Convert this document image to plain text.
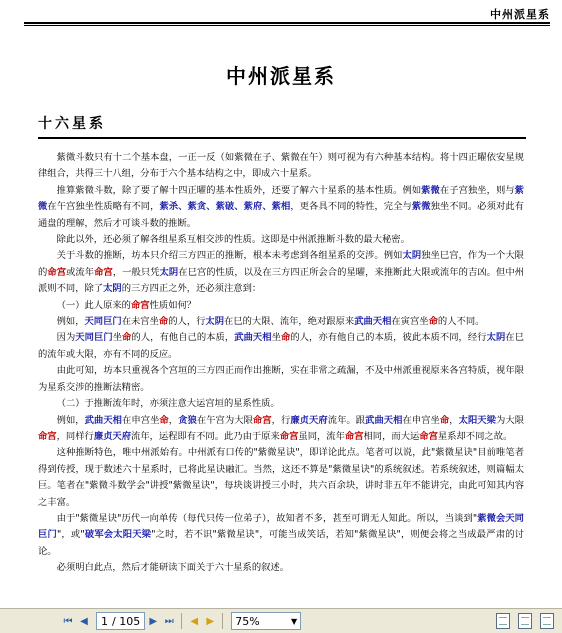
中州派星系
中州派星系
十六星系

紫微斗数只有十二个基本盘，一正一反（如紫微在子、紫微在午）则可视为有六种基本结构。将十四正曜依安星规律组合，共得三十八组，分布于六个基本结构之中，即成六十星系。

推算紫微斗数，除了要了解十四正曜的基本性质外，还要了解六十星系的基本性质。例如紫微在子宫独坐，则与紫微在午宫独坐性质略有不同，紫杀、紫贪、紫破、紫府、紫相，更各具不同的特性，完全与紫微独坐不同。必须对此有通盘的理解，然后才可谈斗数的推断。

除此以外，还必须了解各组星系互相交涉的性质。这即是中州派推断斗数的最大秘密。

关于斗数的推断，坊本只介绍三方四正的推断，根本未考虑到各组星系的交涉。例如太阴独坐巳宫，作为一个大限的命宫或流年命宫，一般只凭太阴在巳宫的性质，以及在三方四正所会合的星曜，来推断此大限或流年的吉凶。但中州派则不同，除了太阴的三方四正之外，还必须注意到：

（一）此人原来的命宫性质如何？

例如，天同巨门在未宫坐命的人，行太阴在巳的大限、流年，绝对跟原来武曲天相在寅宫坐命的人不同。

因为天同巨门坐命的人，有他自己的本质，武曲天相坐命的人，亦有他自己的本质，彼此本质不同，经行太阴在巳的流年或大限，亦有不同的反应。

由此可知，坊本只重视各个宫垣的三方四正而作出推断，实在非常之疏漏，不及中州派重视原来各宫特质，视年限为星系交涉的推断法精密。

（二）于推断流年时，亦须注意大运宫垣的星系性质。

例如，武曲天相在申宫坐命，贪狼在午宫为大限命宫，行廉贞天府流年。跟武曲天相在申宫坐命，太阳天梁为大限命宫，同样行廉贞天府流年，运程即有不同。此乃由于原来命宫虽同，流年命宫相同，而大运命宫星系却不同之故。

这种推断特色，唯中州派始有。中州派有口传的"紫微星诀"，即详论此点。笔者可以说，此"紫微星诀"目前唯笔者得到传授，现于数述六十星系时，已将此星诀融汇。当然，这还不算是"紫微星诀"的系统叙述。若系统叙述，则篇幅太巨。笔者在"紫微斗数学会"讲授"紫微星诀"，每块谈讲授三小时，共六百余块，讲时非五年不能讲完，由此可知其内容之丰富。

由于"紫微星诀"历代一向单传（每代只传一位弟子），故知者不多，甚至可谓无人知此。所以，当谈到"紫微会天同巨门"，或"破军会太阳天梁"之时，若不识"紫微星诀"，可能当成笑话，若知"紫微星诀"，则便会将之当成最严肃的讨论。

必须明白此点，然后才能研读下面关于六十星系的叙述。

⏮ ◀	1 / 105 ▶ ⏭	◀ ▶	75%	▼
